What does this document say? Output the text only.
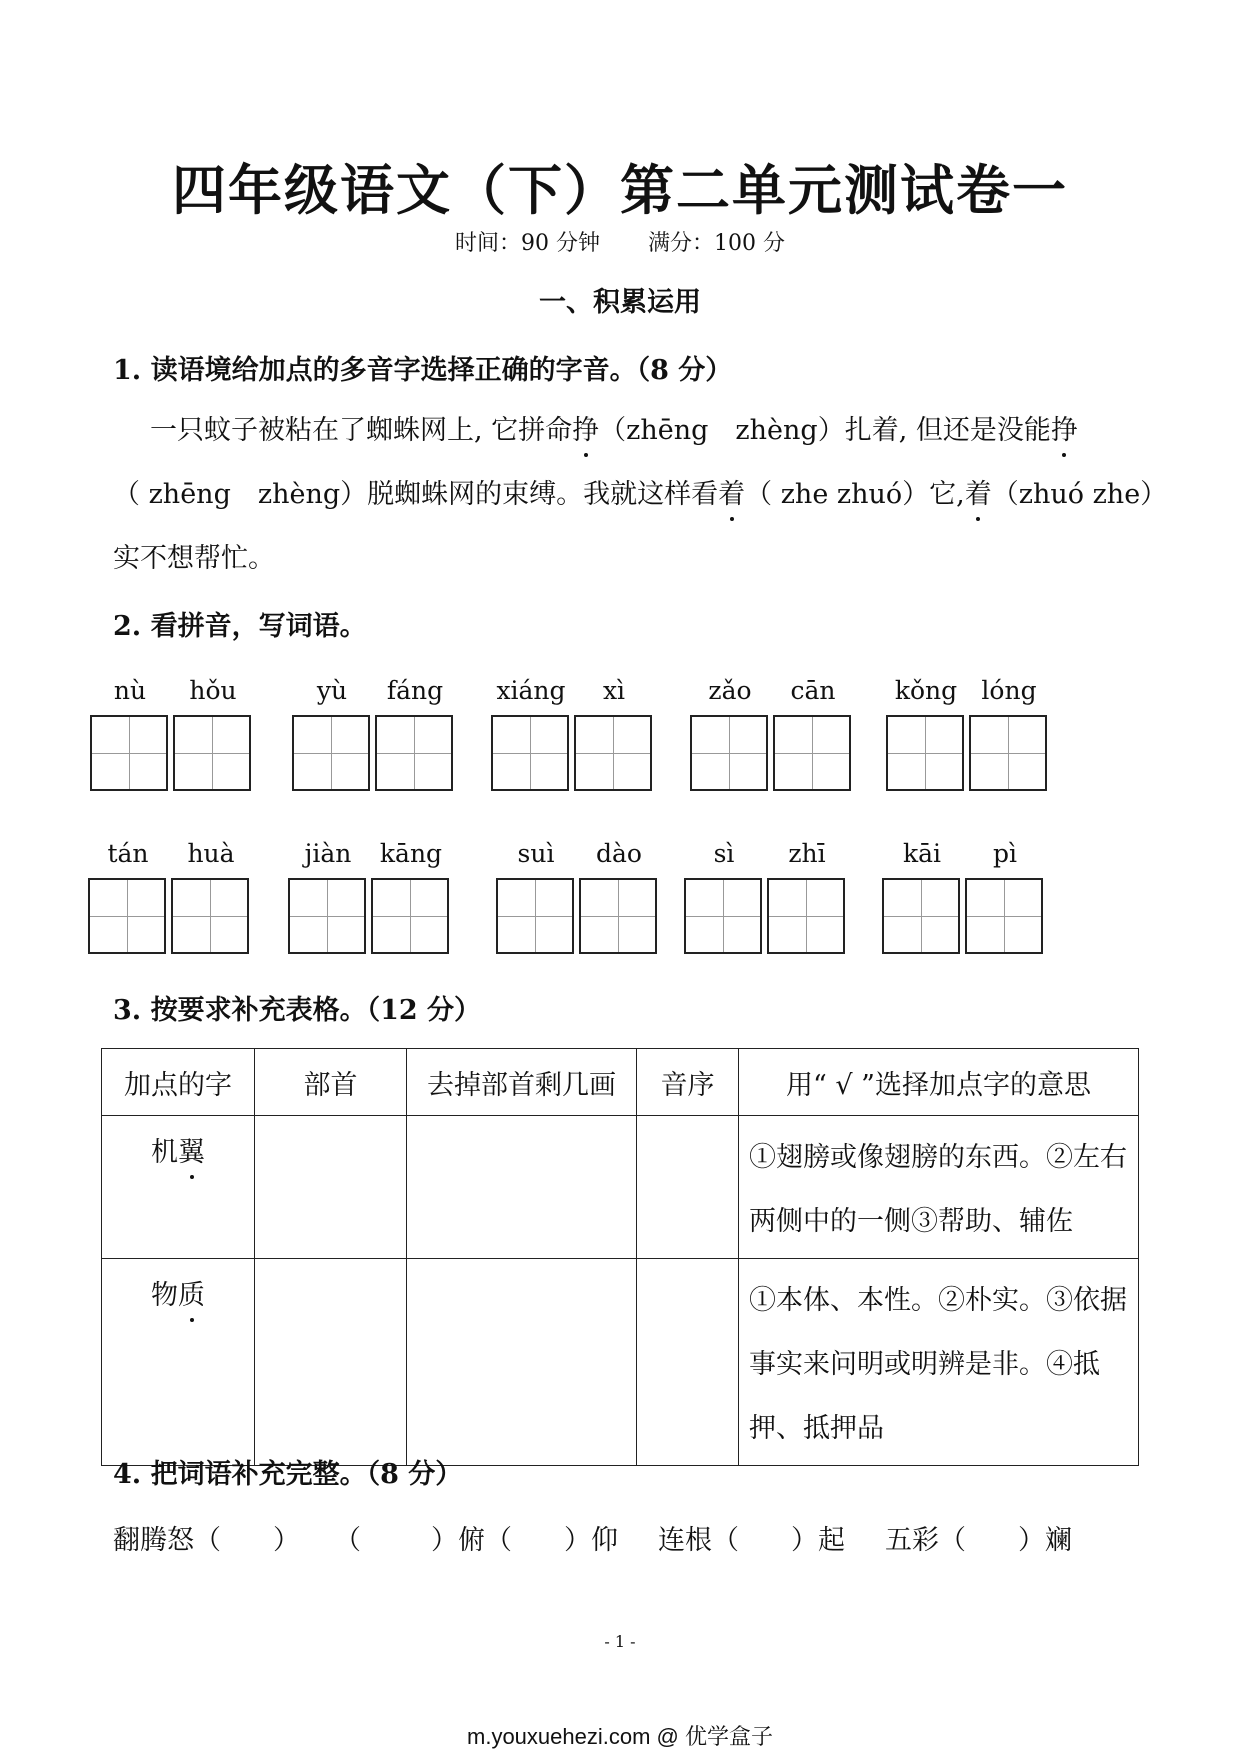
四年级语文（下）第二单元测试卷一
时间：90 分钟 满分：100 分
一、积累运用
1. 读语境给加点的多音字选择正确的字音。（8 分）
一只蚊子被粘在了蜘蛛网上, 它拼命挣（zhēng　zhèng）扎着, 但还是没能挣
（ zhēng　zhèng）脱蜘蛛网的束缚。我就这样看着（ zhe zhuó）它,着（zhuó zhe）
实不想帮忙。
2. 看拼音，写词语。
nù	hǒu	yù	fáng	xiáng	xì	zǎo	cān	kǒng lóng
tán	huà	jiàn	kāng	suì	dào	sì	zhī	kāi	pì
3. 按要求补充表格。（12 分）
加点的字	部首	去掉部首剩几画	音序	用“ √ ”选择加点字的意思
机翼				①翅膀或像翅膀的东西。②左右两侧中的一侧③帮助、辅佐
物质				①本体、本性。②朴实。③依据事实来问明或明辨是非。④抵押、抵押品
4. 把词语补充完整。（8 分）
翻腾怒（ ） （	）俯（ ）仰 连根（ ）起 五彩（ ）斓
- 1 -
m.youxuehezi.com @ 优学盒子
